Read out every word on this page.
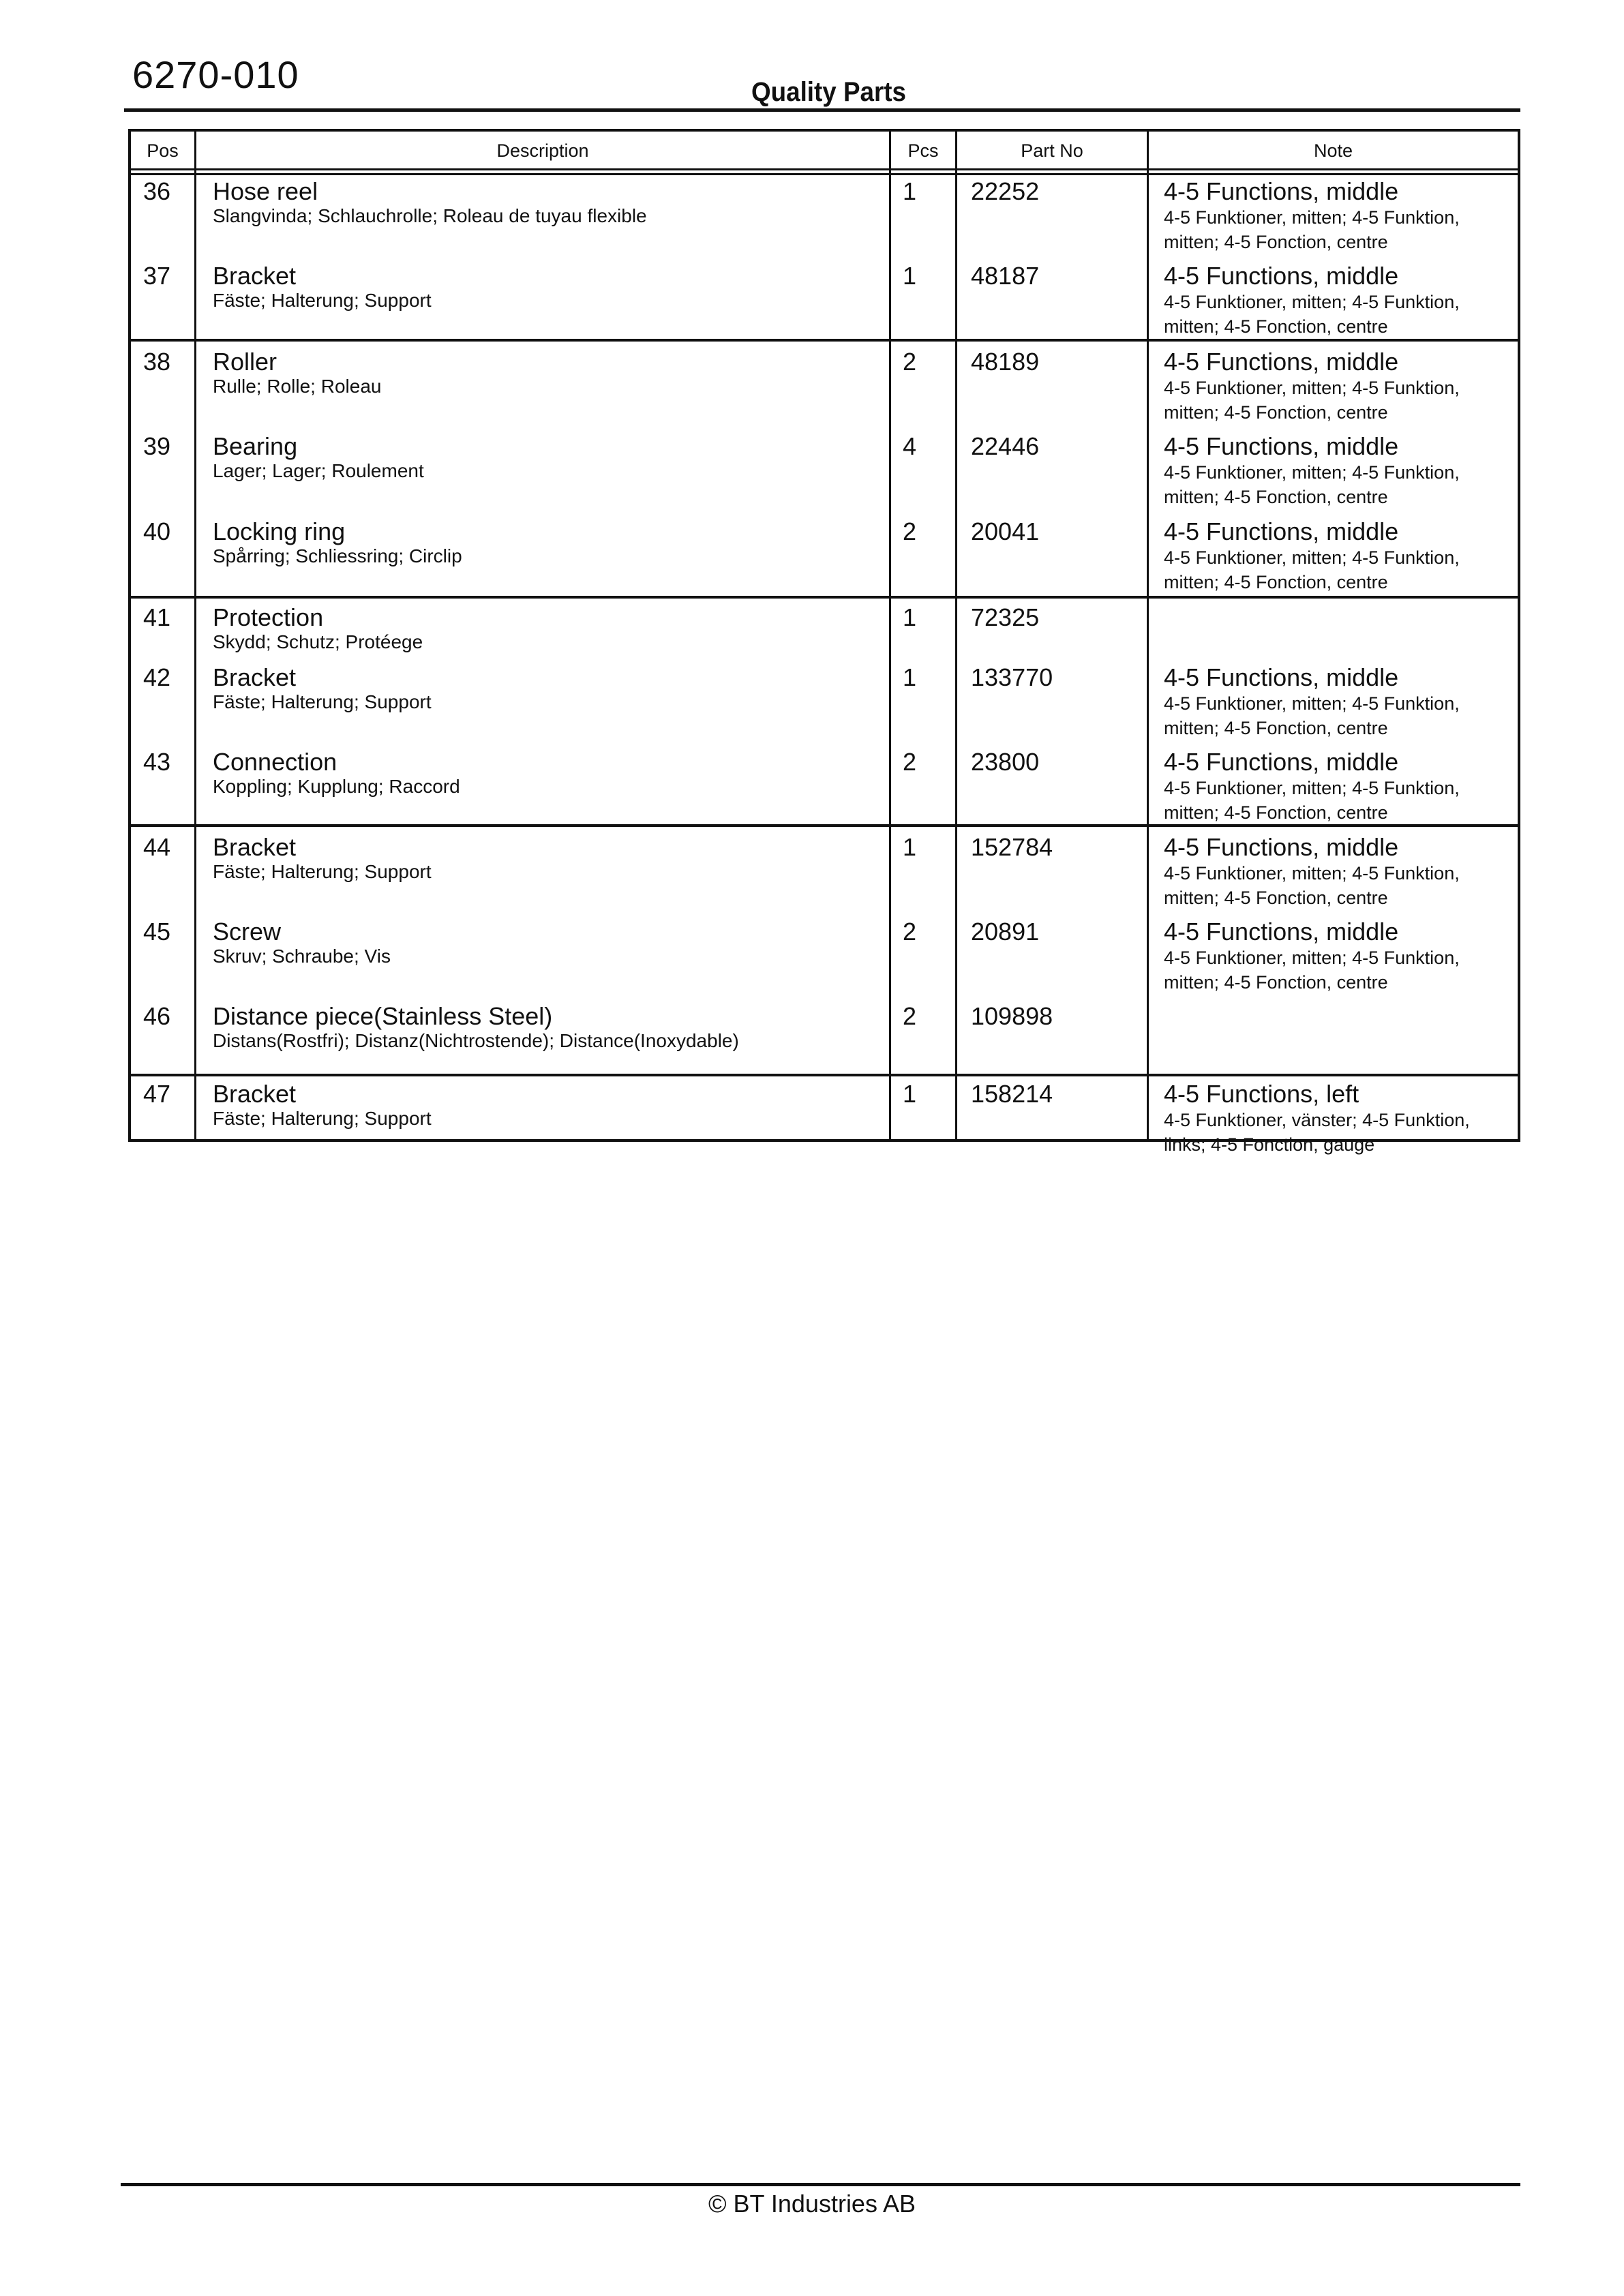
6270-010	Quality Parts
Pos	Description	Pcs	Part No	Note
36 Hose reel
Slangvinda; Schlauchrolle; Roleau de tuyau flexible
1 22252	4-5 Functions, middle
4-5 Funktioner, mitten; 4-5 Funktion, mitten; 4-5 Fonction, centre
37 Bracket
Fäste; Halterung; Support
1 48187	4-5 Functions, middle
4-5 Funktioner, mitten; 4-5 Funktion, mitten; 4-5 Fonction, centre
38 Roller
Rulle; Rolle; Roleau
2 48189	4-5 Functions, middle
4-5 Funktioner, mitten; 4-5 Funktion, mitten; 4-5 Fonction, centre
39 Bearing
Lager; Lager; Roulement
4 22446	4-5 Functions, middle
4-5 Funktioner, mitten; 4-5 Funktion, mitten; 4-5 Fonction, centre
40 Locking ring
Spårring; Schliessring; Circlip
2 20041	4-5 Functions, middle
4-5 Funktioner, mitten; 4-5 Funktion, mitten; 4-5 Fonction, centre
41 Protection
Skydd; Schutz; Protéege
1 72325
42 Bracket
Fäste; Halterung; Support
1 133770	4-5 Functions, middle
4-5 Funktioner, mitten; 4-5 Funktion, mitten; 4-5 Fonction, centre
43 Connection
Koppling; Kupplung; Raccord
2 23800	4-5 Functions, middle
4-5 Funktioner, mitten; 4-5 Funktion, mitten; 4-5 Fonction, centre
44 Bracket
Fäste; Halterung; Support
1 152784	4-5 Functions, middle
4-5 Funktioner, mitten; 4-5 Funktion, mitten; 4-5 Fonction, centre
45 Screw
Skruv; Schraube; Vis
2 20891	4-5 Functions, middle
4-5 Funktioner, mitten; 4-5 Funktion, mitten; 4-5 Fonction, centre
46 Distance piece(Stainless Steel)
Distans(Rostfri); Distanz(Nichtrostende); Distance(Inoxydable)
2 109898
47 Bracket
Fäste; Halterung; Support
1 158214	4-5 Functions, left
4-5 Funktioner, vänster; 4-5 Funktion, links; 4-5 Fonction, gauge
© BT Industries AB
